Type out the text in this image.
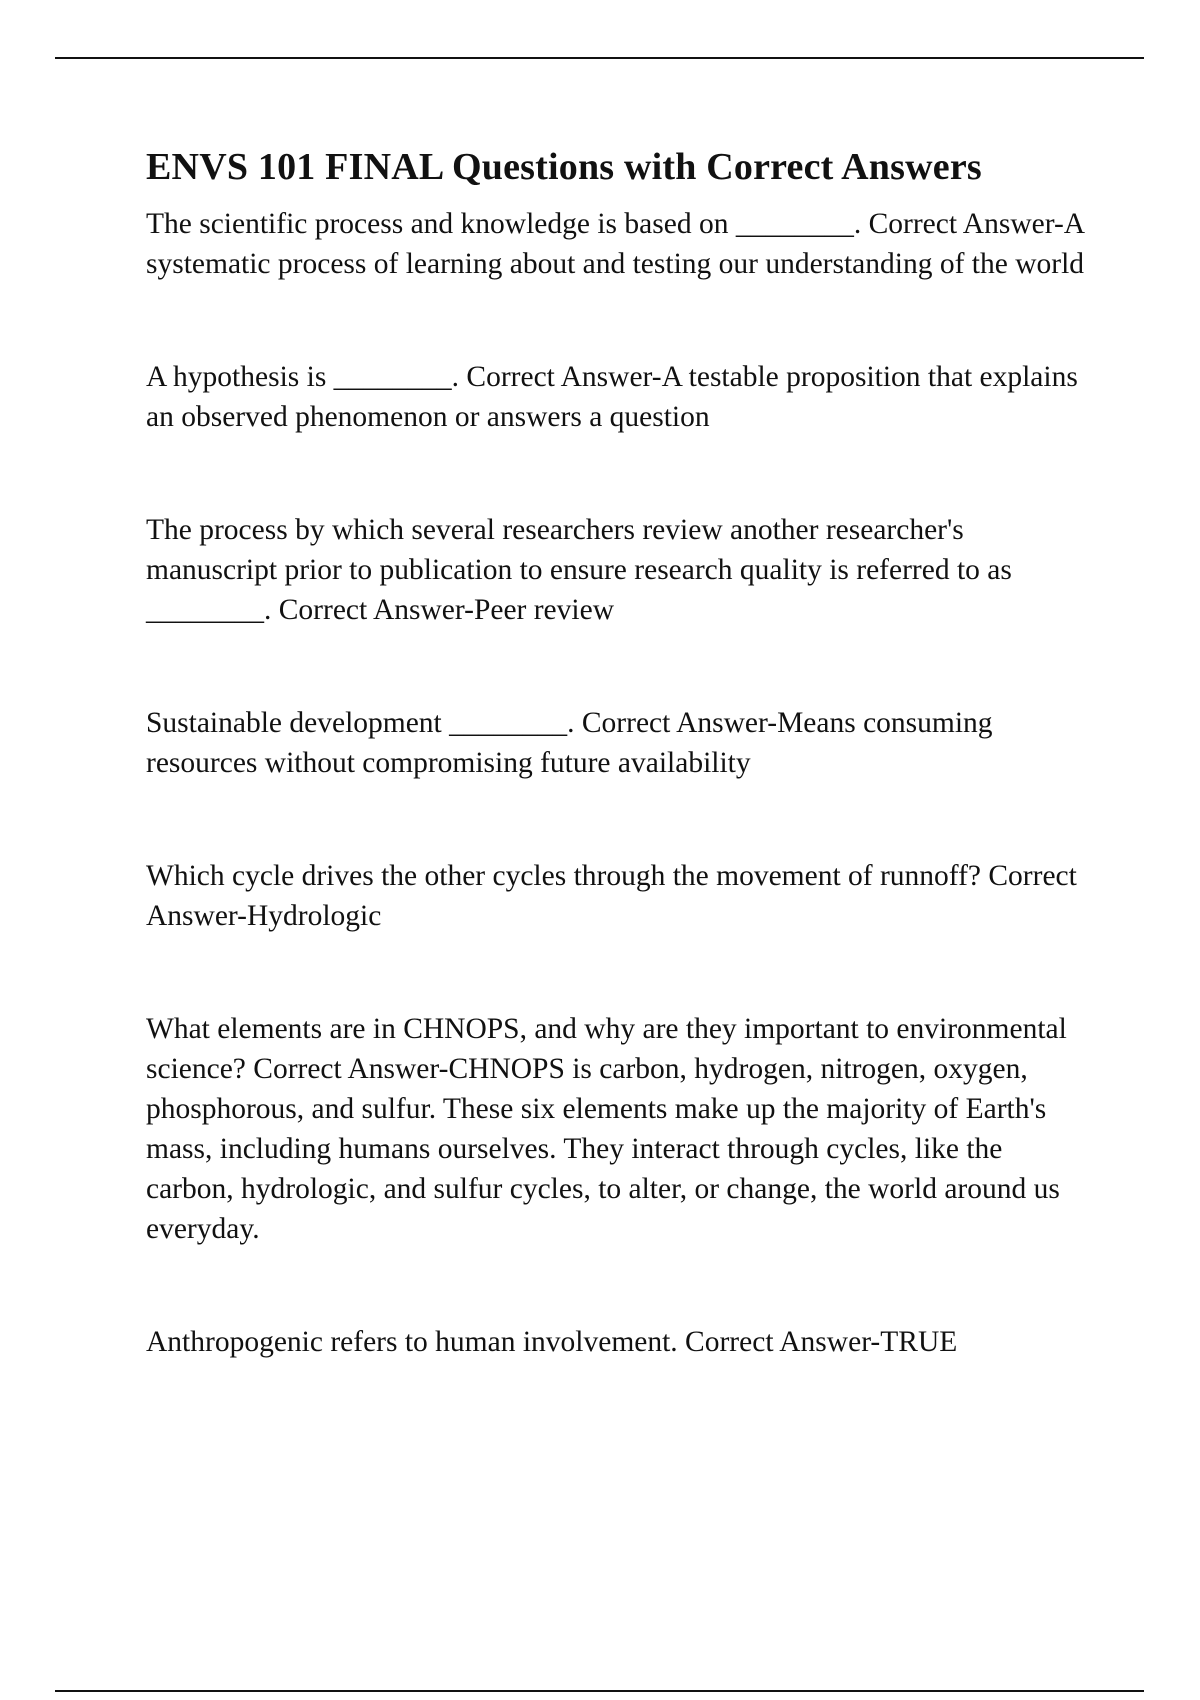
ENVS 101 FINAL Questions with Correct Answers

The scientific process and knowledge is based on ________. Correct Answer-A systematic process of learning about and testing our understanding of the world

A hypothesis is ________. Correct Answer-A testable proposition that explains an observed phenomenon or answers a question

The process by which several researchers review another researcher's manuscript prior to publication to ensure research quality is referred to as ________. Correct Answer-Peer review

Sustainable development ________. Correct Answer-Means consuming resources without compromising future availability

Which cycle drives the other cycles through the movement of runnoff? Correct Answer-Hydrologic

What elements are in CHNOPS, and why are they important to environmental science? Correct Answer-CHNOPS is carbon, hydrogen, nitrogen, oxygen, phosphorous, and sulfur. These six elements make up the majority of Earth's mass, including humans ourselves. They interact through cycles, like the carbon, hydrologic, and sulfur cycles, to alter, or change, the world around us everyday.

Anthropogenic refers to human involvement. Correct Answer-TRUE
